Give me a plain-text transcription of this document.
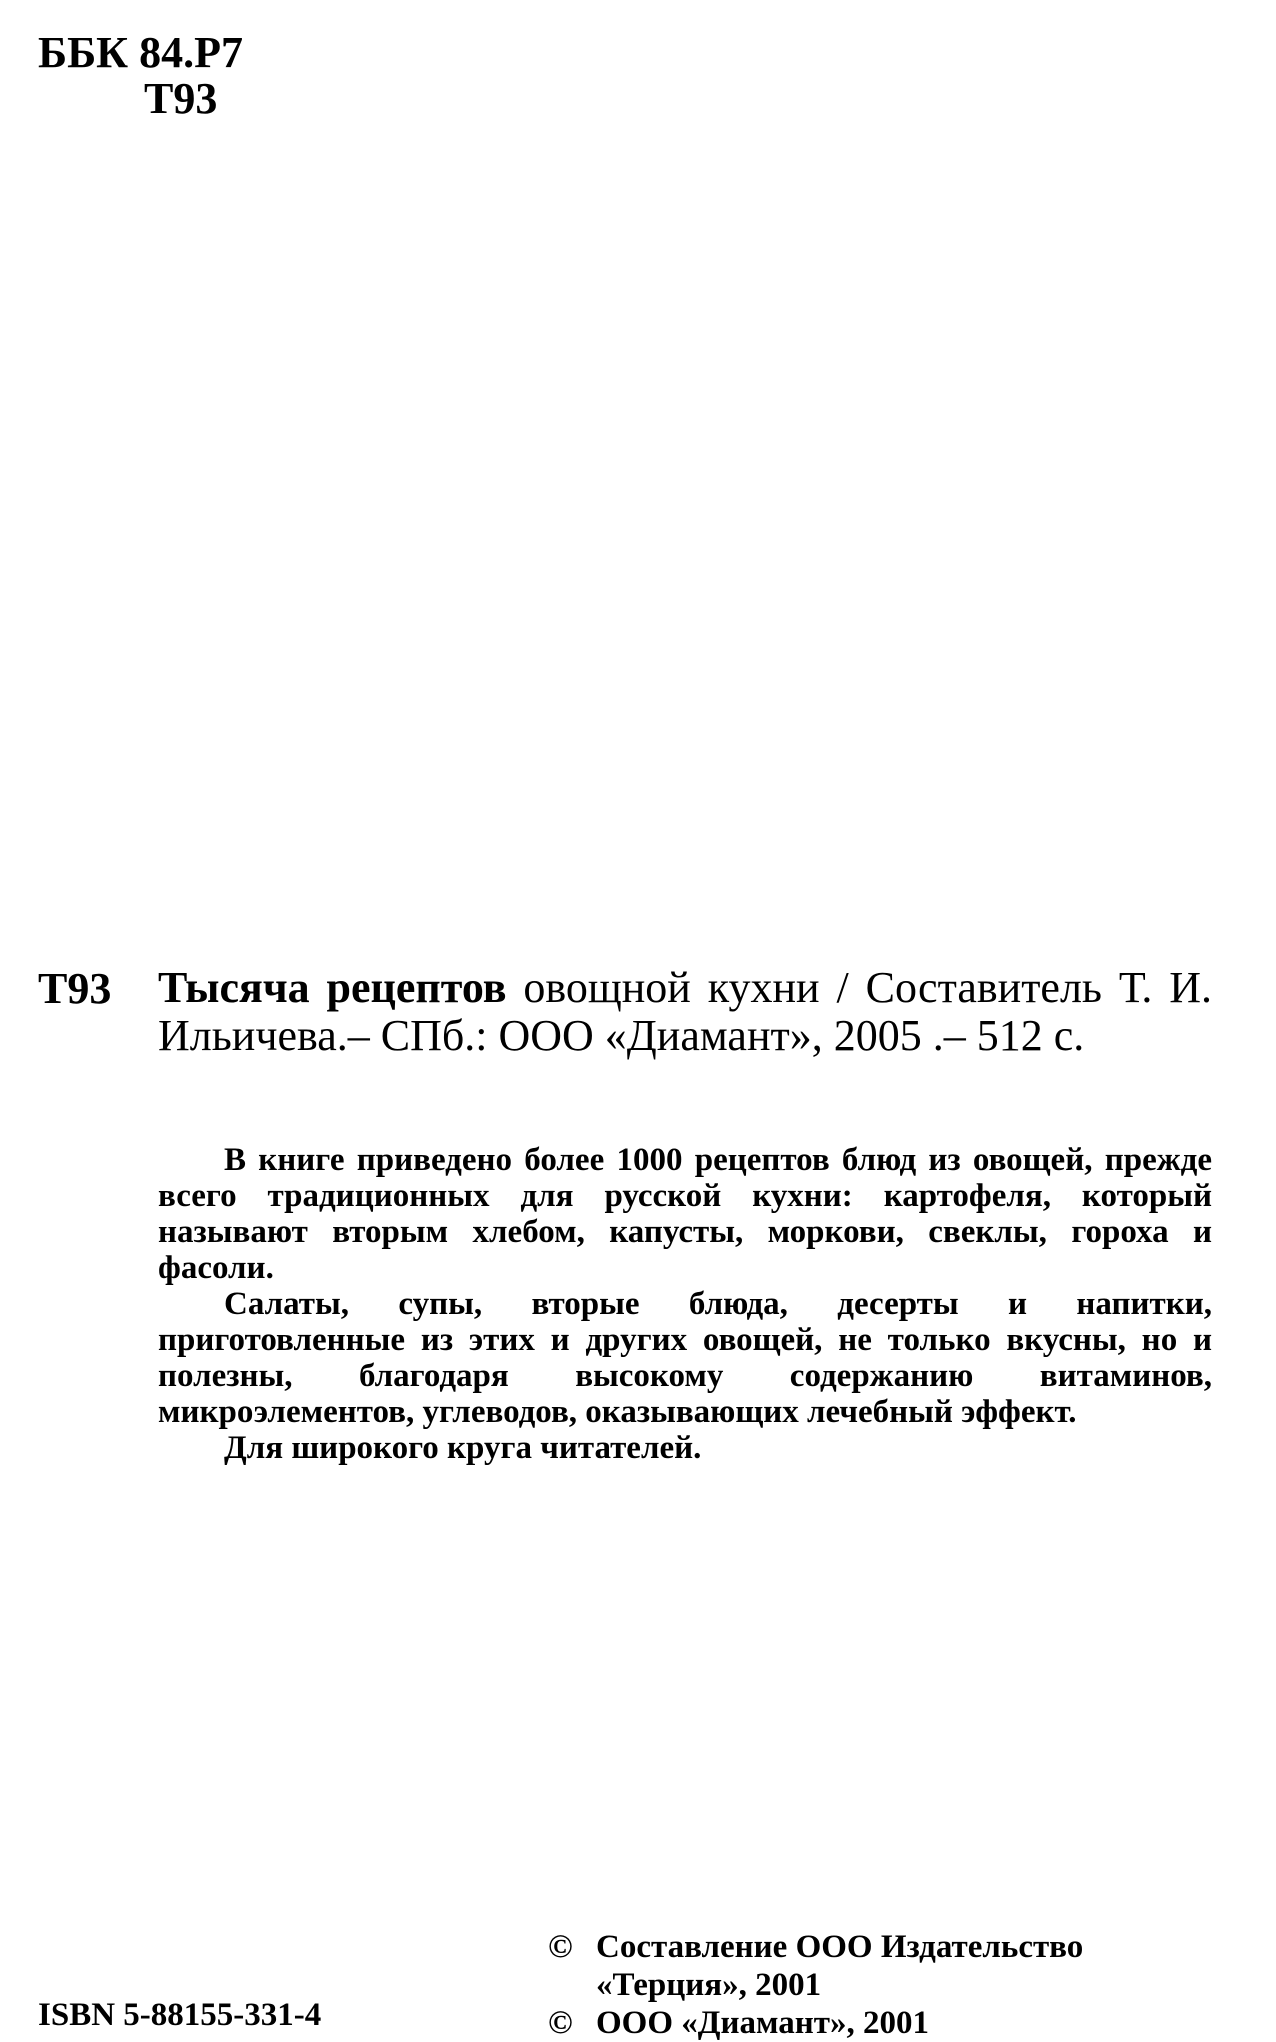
ББК 84.Р7
Т93
Т93 Тысяча рецептов овощной кухни / Составитель Т. И. Ильичева.– СПб.: ООО «Диамант», 2005 .– 512 с.

В книге приведено более 1000 рецептов блюд из овощей, прежде всего традиционных для русской кухни: картофеля, который называют вторым хлебом, капусты, моркови, свеклы, гороха и фасоли.

Салаты, супы, вторые блюда, десерты и напитки, приготовленные из этих и других овощей, не только вкусны, но и полезны, благодаря высокому содержанию витаминов, микроэлементов, углеводов, оказывающих лечебный эффект.

Для широкого круга читателей.

© Составление ООО Издательство «Терция», 2001
© ООО «Диамант», 2001
ISBN 5-88155-331-4
